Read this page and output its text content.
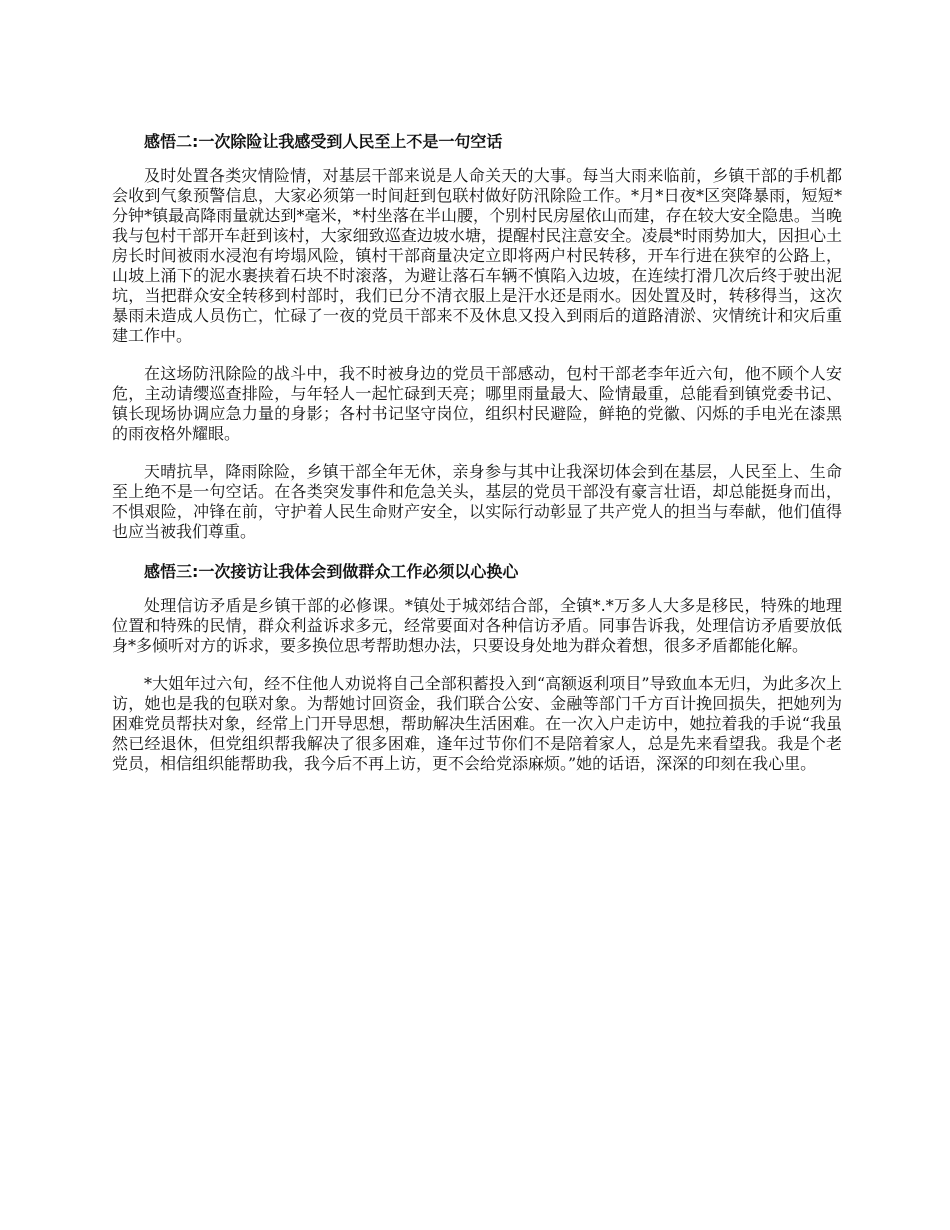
感悟二:一次除险让我感受到人民至上不是一句空话

及时处置各类灾情险情，对基层干部来说是人命关天的大事。每当大雨来临前，乡镇干部的手机都会收到气象预警信息，大家必须第一时间赶到包联村做好防汛除险工作。*月*日夜*区突降暴雨，短短*分钟*镇最高降雨量就达到*毫米，*村坐落在半山腰，个别村民房屋依山而建，存在较大安全隐患。当晚我与包村干部开车赶到该村，大家细致巡查边坡水塘，提醒村民注意安全。凌晨*时雨势加大，因担心土房长时间被雨水浸泡有垮塌风险，镇村干部商量决定立即将两户村民转移，开车行进在狭窄的公路上，山坡上涌下的泥水裹挟着石块不时滚落，为避让落石车辆不慎陷入边坡，在连续打滑几次后终于驶出泥坑，当把群众安全转移到村部时，我们已分不清衣服上是汗水还是雨水。因处置及时，转移得当，这次暴雨未造成人员伤亡，忙碌了一夜的党员干部来不及休息又投入到雨后的道路清淤、灾情统计和灾后重建工作中。

在这场防汛除险的战斗中，我不时被身边的党员干部感动，包村干部老李年近六旬，他不顾个人安危，主动请缨巡查排险，与年轻人一起忙碌到天亮；哪里雨量最大、险情最重，总能看到镇党委书记、镇长现场协调应急力量的身影；各村书记坚守岗位，组织村民避险，鲜艳的党徽、闪烁的手电光在漆黑的雨夜格外耀眼。

天晴抗旱，降雨除险，乡镇干部全年无休，亲身参与其中让我深切体会到在基层，人民至上、生命至上绝不是一句空话。在各类突发事件和危急关头，基层的党员干部没有豪言壮语，却总能挺身而出，不惧艰险，冲锋在前，守护着人民生命财产安全，以实际行动彰显了共产党人的担当与奉献，他们值得也应当被我们尊重。

感悟三:一次接访让我体会到做群众工作必须以心换心

处理信访矛盾是乡镇干部的必修课。*镇处于城郊结合部，全镇*.*万多人大多是移民，特殊的地理位置和特殊的民情，群众利益诉求多元，经常要面对各种信访矛盾。同事告诉我，处理信访矛盾要放低身*多倾听对方的诉求，要多换位思考帮助想办法，只要设身处地为群众着想，很多矛盾都能化解。

*大姐年过六旬，经不住他人劝说将自己全部积蓄投入到“高额返利项目”导致血本无归，为此多次上访，她也是我的包联对象。为帮她讨回资金，我们联合公安、金融等部门千方百计挽回损失，把她列为困难党员帮扶对象，经常上门开导思想，帮助解决生活困难。在一次入户走访中，她拉着我的手说“我虽然已经退休，但党组织帮我解决了很多困难，逢年过节你们不是陪着家人，总是先来看望我。我是个老党员，相信组织能帮助我，我今后不再上访，更不会给党添麻烦。”她的话语，深深的印刻在我心里。
